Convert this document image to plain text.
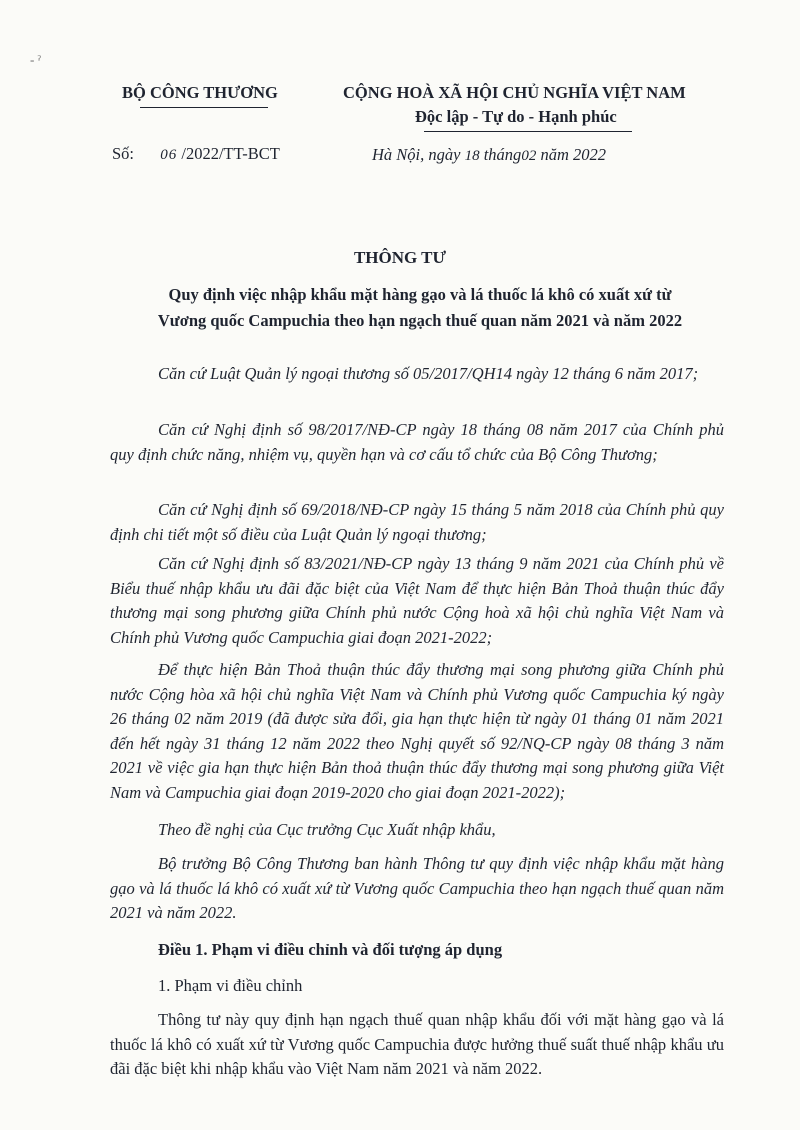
- ˀ
BỘ CÔNG THƯƠNG	CỘNG HOÀ XÃ HỘI CHỦ NGHĨA VIỆT NAM
Độc lập - Tự do - Hạnh phúc
Số: 06 /2022/TT-BCT	Hà Nội, ngày 18 tháng02 năm 2022
THÔNG TƯ
Quy định việc nhập khẩu mặt hàng gạo và lá thuốc lá khô có xuất xứ từ
Vương quốc Campuchia theo hạn ngạch thuế quan năm 2021 và năm 2022
Căn cứ Luật Quản lý ngoại thương số 05/2017/QH14 ngày 12 tháng 6 năm 2017;
Căn cứ Nghị định số 98/2017/NĐ-CP ngày 18 tháng 08 năm 2017 của Chính phủ quy định chức năng, nhiệm vụ, quyền hạn và cơ cấu tổ chức của Bộ Công Thương;
Căn cứ Nghị định số 69/2018/NĐ-CP ngày 15 tháng 5 năm 2018 của Chính phủ quy định chi tiết một số điều của Luật Quản lý ngoại thương;
Căn cứ Nghị định số 83/2021/NĐ-CP ngày 13 tháng 9 năm 2021 của Chính phủ về Biểu thuế nhập khẩu ưu đãi đặc biệt của Việt Nam để thực hiện Bản Thoả thuận thúc đẩy thương mại song phương giữa Chính phủ nước Cộng hoà xã hội chủ nghĩa Việt Nam và Chính phủ Vương quốc Campuchia giai đoạn 2021-2022;
Để thực hiện Bản Thoả thuận thúc đẩy thương mại song phương giữa Chính phủ nước Cộng hòa xã hội chủ nghĩa Việt Nam và Chính phủ Vương quốc Campuchia ký ngày 26 tháng 02 năm 2019 (đã được sửa đổi, gia hạn thực hiện từ ngày 01 tháng 01 năm 2021 đến hết ngày 31 tháng 12 năm 2022 theo Nghị quyết số 92/NQ-CP ngày 08 tháng 3 năm 2021 về việc gia hạn thực hiện Bản thoả thuận thúc đẩy thương mại song phương giữa Việt Nam và Campuchia giai đoạn 2019-2020 cho giai đoạn 2021-2022);
Theo đề nghị của Cục trưởng Cục Xuất nhập khẩu,
Bộ trưởng Bộ Công Thương ban hành Thông tư quy định việc nhập khẩu mặt hàng gạo và lá thuốc lá khô có xuất xứ từ Vương quốc Campuchia theo hạn ngạch thuế quan năm 2021 và năm 2022.
Điều 1. Phạm vi điều chỉnh và đối tượng áp dụng
1. Phạm vi điều chỉnh
Thông tư này quy định hạn ngạch thuế quan nhập khẩu đối với mặt hàng gạo và lá thuốc lá khô có xuất xứ từ Vương quốc Campuchia được hưởng thuế suất thuế nhập khẩu ưu đãi đặc biệt khi nhập khẩu vào Việt Nam năm 2021 và năm 2022.
